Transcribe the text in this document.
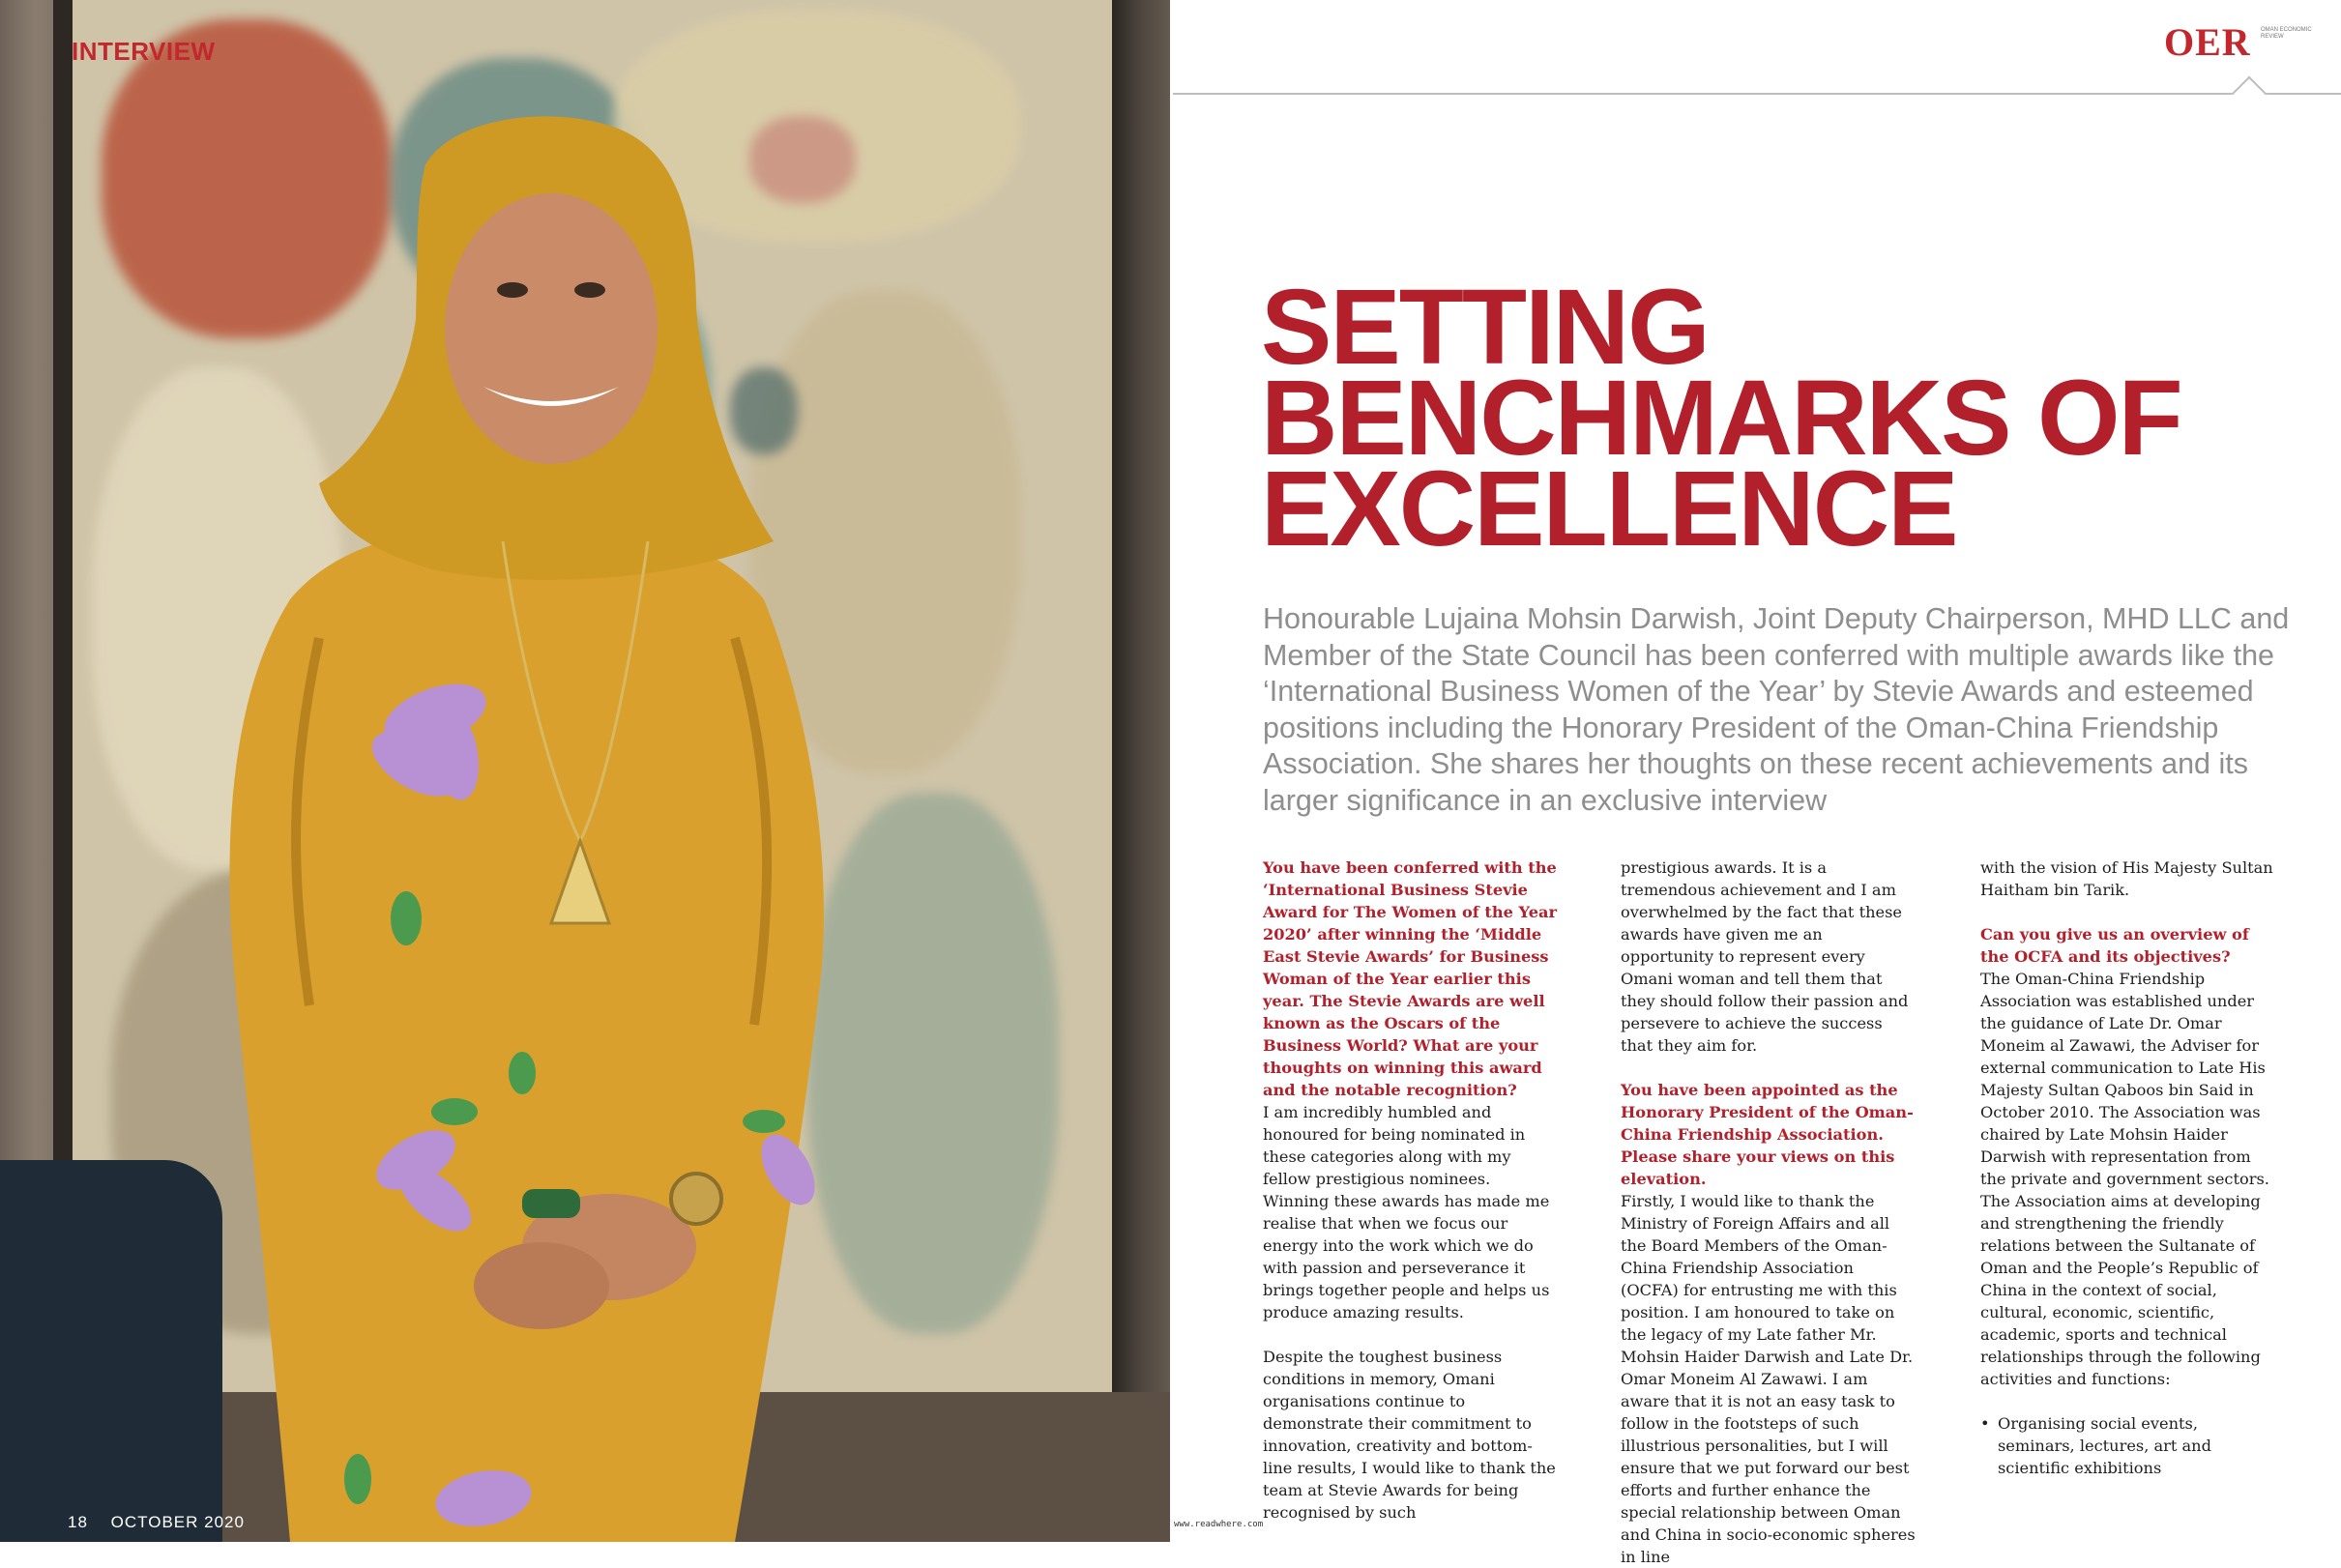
INTERVIEW
18 OCTOBER 2020
OER OMAN ECONOMIC REVIEW
SETTING
BENCHMARKS OF
EXCELLENCE
Honourable Lujaina Mohsin Darwish, Joint Deputy Chairperson, MHD LLC and Member of the State Council has been conferred with multiple awards like the ‘International Business Women of the Year’ by Stevie Awards and esteemed positions including the Honorary President of the Oman-China Friendship Association. She shares her thoughts on these recent achievements and its larger significance in an exclusive interview
You have been conferred with the ‘International Business Stevie Award for The Women of the Year 2020’ after winning the ‘Middle East Stevie Awards’ for Business Woman of the Year earlier this year. The Stevie Awards are well known as the Oscars of the Business World? What are your thoughts on winning this award and the notable recognition?
I am incredibly humbled and honoured for being nominated in these categories along with my fellow prestigious nominees. Winning these awards has made me realise that when we focus our energy into the work which we do with passion and perseverance it brings together people and helps us produce amazing results.
Despite the toughest business conditions in memory, Omani organisations continue to demonstrate their commitment to innovation, creativity and bottom-line results, I would like to thank the team at Stevie Awards for being recognised by such
prestigious awards. It is a tremendous achievement and I am overwhelmed by the fact that these awards have given me an opportunity to represent every Omani woman and tell them that they should follow their passion and persevere to achieve the success that they aim for.
You have been appointed as the Honorary President of the Oman-China Friendship Association. Please share your views on this elevation.
Firstly, I would like to thank the Ministry of Foreign Affairs and all the Board Members of the Oman-China Friendship Association (OCFA) for entrusting me with this position. I am honoured to take on the legacy of my Late father Mr. Mohsin Haider Darwish and Late Dr. Omar Moneim Al Zawawi. I am aware that it is not an easy task to follow in the footsteps of such illustrious personalities, but I will ensure that we put forward our best efforts and further enhance the special relationship between Oman and China in socio-economic spheres in line
with the vision of His Majesty Sultan Haitham bin Tarik.
Can you give us an overview of the OCFA and its objectives?
The Oman-China Friendship Association was established under the guidance of Late Dr. Omar Moneim al Zawawi, the Adviser for external communication to Late His Majesty Sultan Qaboos bin Said in October 2010. The Association was chaired by Late Mohsin Haider Darwish with representation from the private and government sectors. The Association aims at developing and strengthening the friendly relations between the Sultanate of Oman and the People’s Republic of China in the context of social, cultural, economic, scientific, academic, sports and technical relationships through the following activities and functions:
• Organising social events, seminars, lectures, art and scientific exhibitions
www.readwhere.com
